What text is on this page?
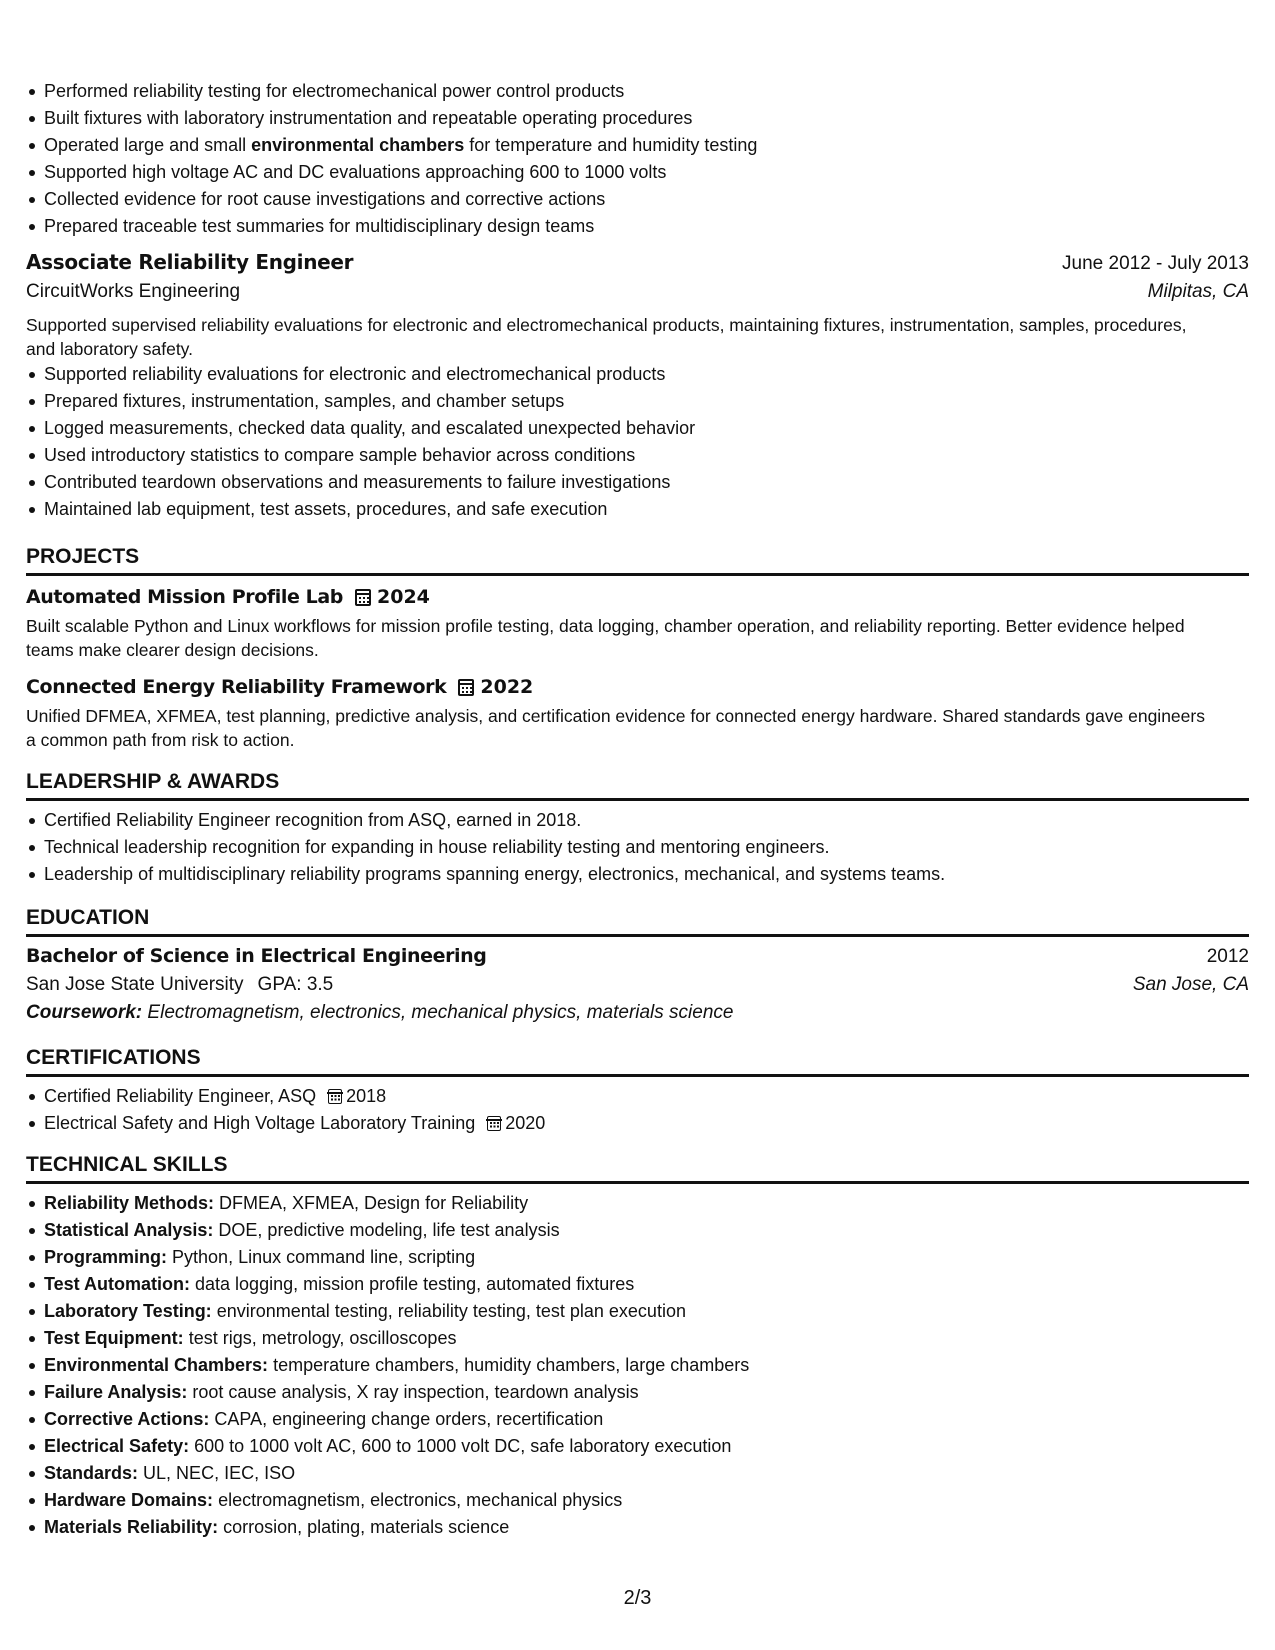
Performed reliability testing for electromechanical power control products
Built fixtures with laboratory instrumentation and repeatable operating procedures
Operated large and small environmental chambers for temperature and humidity testing
Supported high voltage AC and DC evaluations approaching 600 to 1000 volts
Collected evidence for root cause investigations and corrective actions
Prepared traceable test summaries for multidisciplinary design teams
Associate Reliability Engineer	June 2012 - July 2013
CircuitWorks Engineering	Milpitas, CA

Supported supervised reliability evaluations for electronic and electromechanical products, maintaining fixtures, instrumentation, samples, procedures, and laboratory safety.

Supported reliability evaluations for electronic and electromechanical products
Prepared fixtures, instrumentation, samples, and chamber setups
Logged measurements, checked data quality, and escalated unexpected behavior
Used introductory statistics to compare sample behavior across conditions
Contributed teardown observations and measurements to failure investigations
Maintained lab equipment, test assets, procedures, and safe execution
PROJECTS
Automated Mission Profile Lab 2024

Built scalable Python and Linux workflows for mission profile testing, data logging, chamber operation, and reliability reporting. Better evidence helped teams make clearer design decisions.

Connected Energy Reliability Framework 2022

Unified DFMEA, XFMEA, test planning, predictive analysis, and certification evidence for connected energy hardware. Shared standards gave engineers a common path from risk to action.

LEADERSHIP & AWARDS
Certified Reliability Engineer recognition from ASQ, earned in 2018.
Technical leadership recognition for expanding in house reliability testing and mentoring engineers.
Leadership of multidisciplinary reliability programs spanning energy, electronics, mechanical, and systems teams.
EDUCATION
Bachelor of Science in Electrical Engineering	2012
San Jose State University GPA: 3.5	San Jose, CA

Coursework: Electromagnetism, electronics, mechanical physics, materials science

CERTIFICATIONS
Certified Reliability Engineer, ASQ 2018
Electrical Safety and High Voltage Laboratory Training 2020
TECHNICAL SKILLS
Reliability Methods: DFMEA, XFMEA, Design for Reliability
Statistical Analysis: DOE, predictive modeling, life test analysis
Programming: Python, Linux command line, scripting
Test Automation: data logging, mission profile testing, automated fixtures
Laboratory Testing: environmental testing, reliability testing, test plan execution
Test Equipment: test rigs, metrology, oscilloscopes
Environmental Chambers: temperature chambers, humidity chambers, large chambers
Failure Analysis: root cause analysis, X ray inspection, teardown analysis
Corrective Actions: CAPA, engineering change orders, recertification
Electrical Safety: 600 to 1000 volt AC, 600 to 1000 volt DC, safe laboratory execution
Standards: UL, NEC, IEC, ISO
Hardware Domains: electromagnetism, electronics, mechanical physics
Materials Reliability: corrosion, plating, materials science
2/3
